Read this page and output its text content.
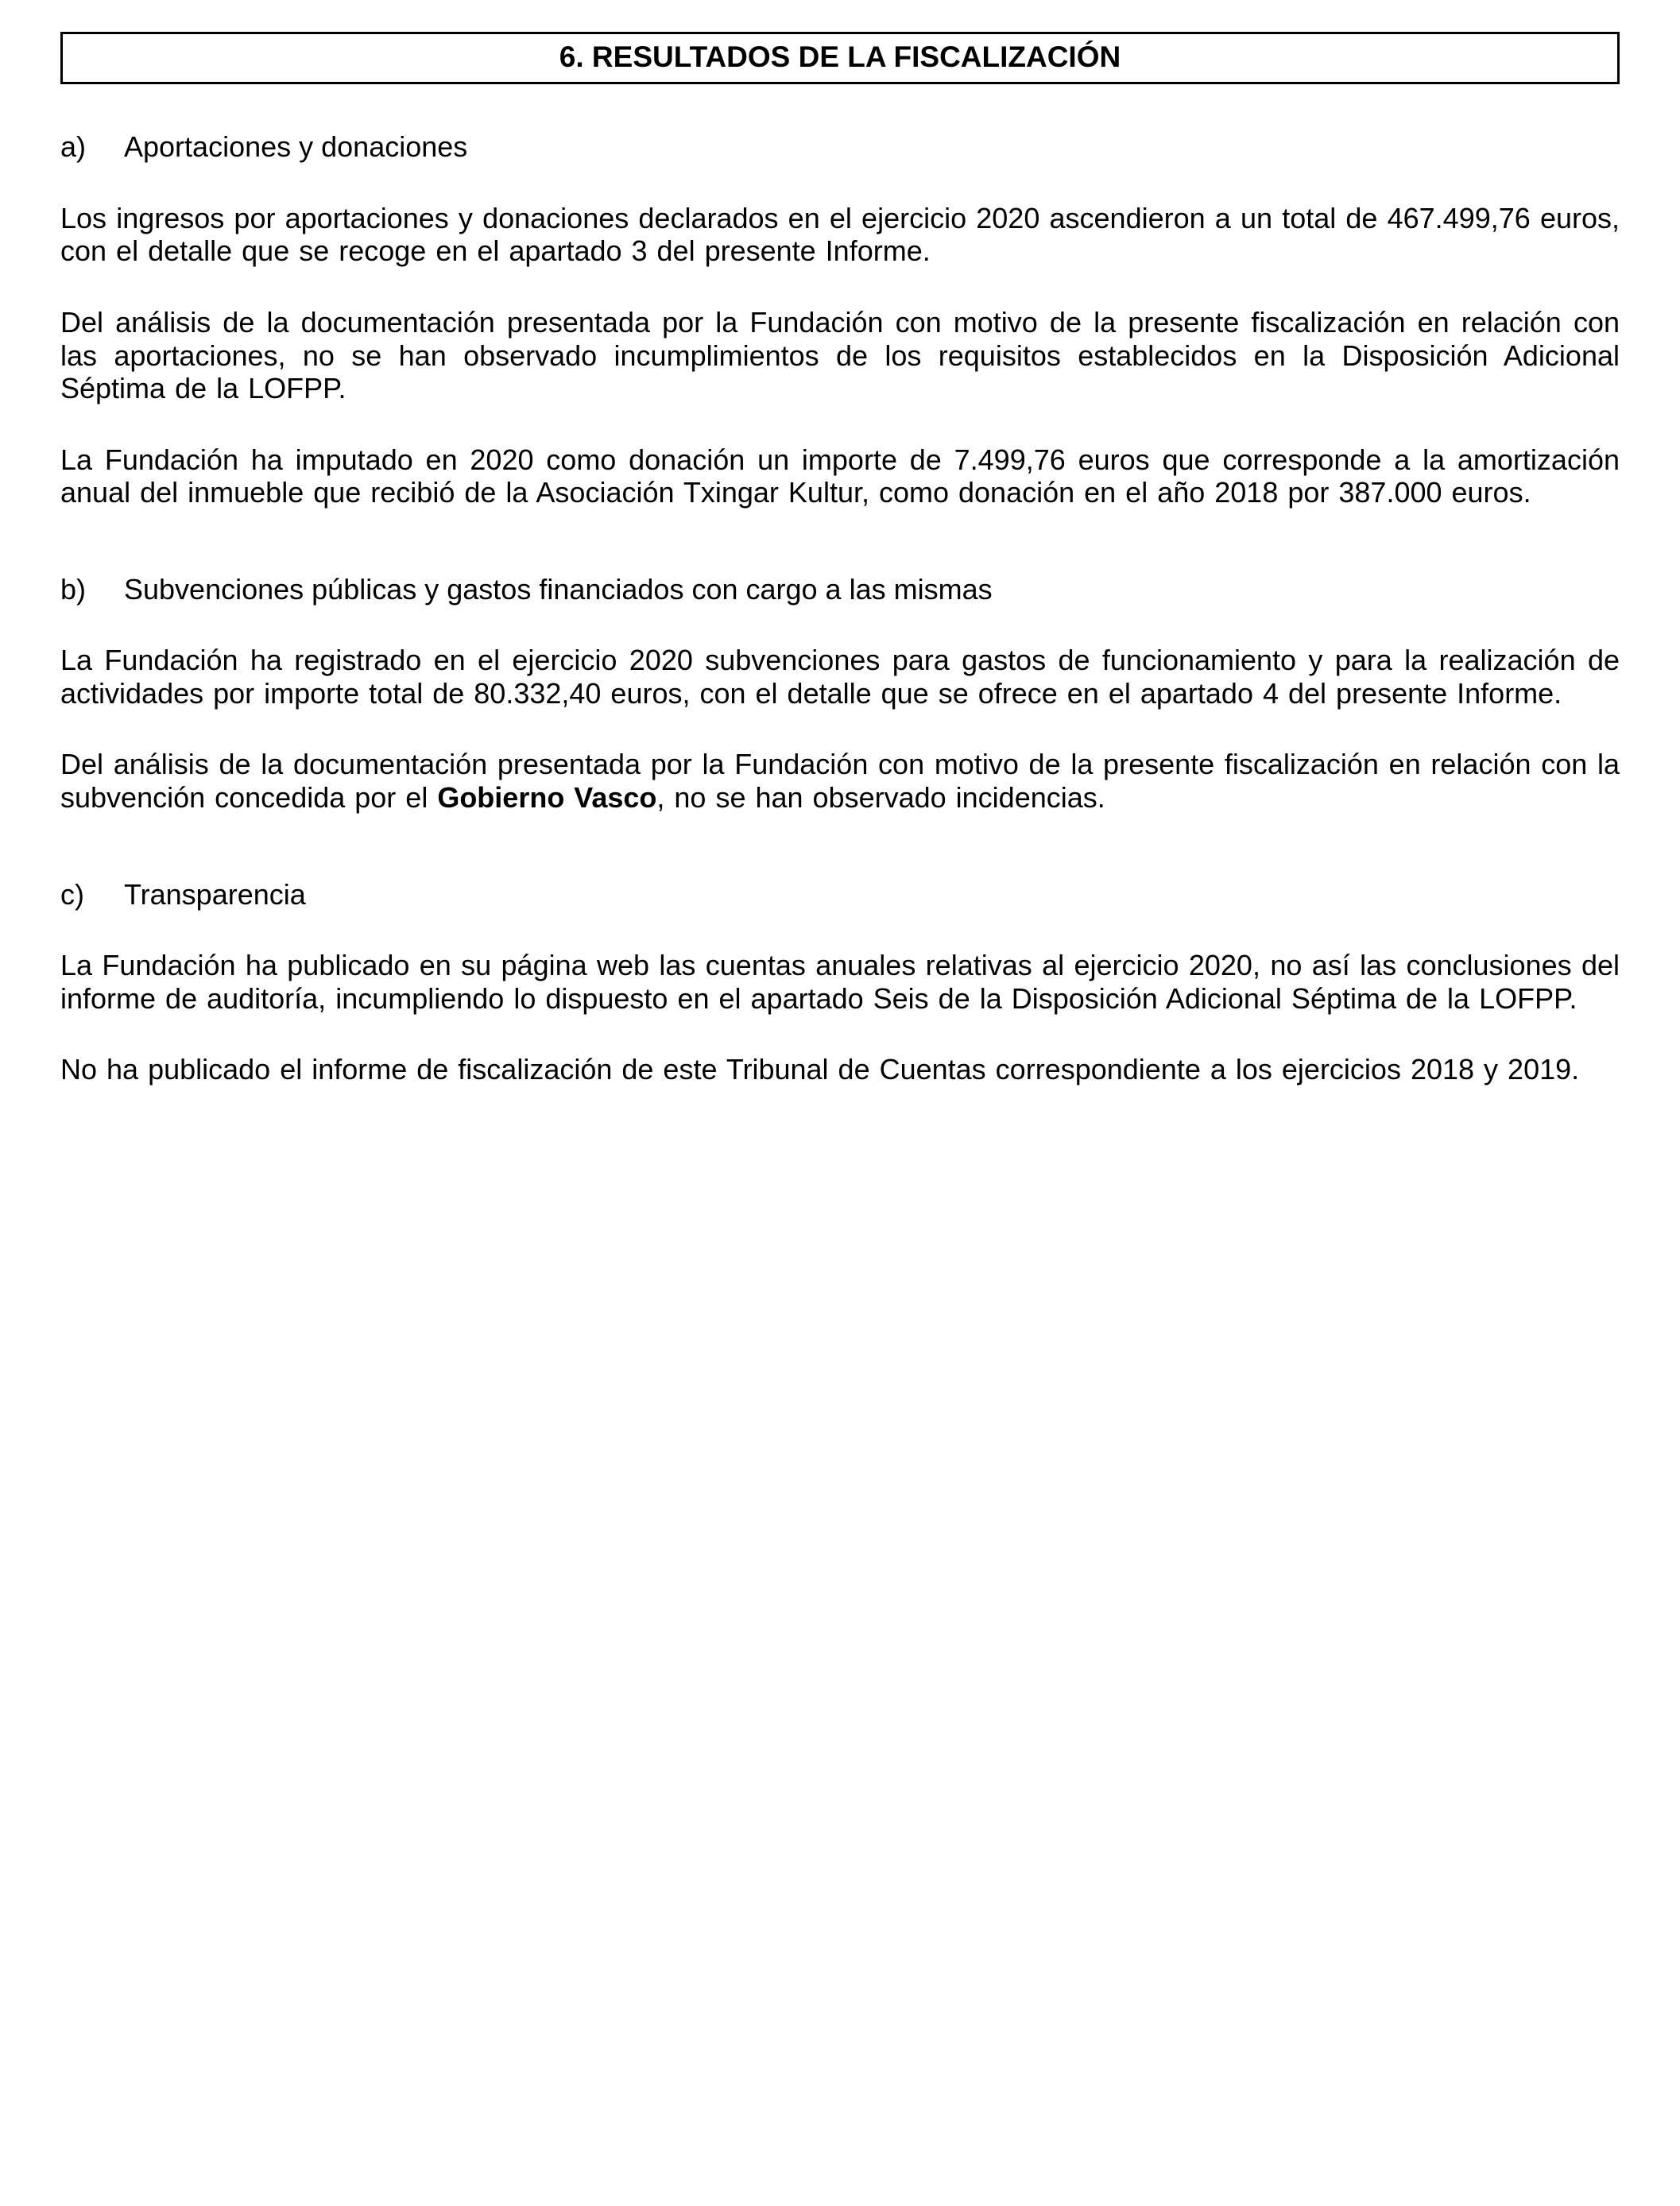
6. RESULTADOS DE LA FISCALIZACIÓN
a) Aportaciones y donaciones

Los ingresos por aportaciones y donaciones declarados en el ejercicio 2020 ascendieron a un total de 467.499,76 euros, con el detalle que se recoge en el apartado 3 del presente Informe.

Del análisis de la documentación presentada por la Fundación con motivo de la presente fiscalización en relación con las aportaciones, no se han observado incumplimientos de los requisitos establecidos en la Disposición Adicional Séptima de la LOFPP.

La Fundación ha imputado en 2020 como donación un importe de 7.499,76 euros que corresponde a la amortización anual del inmueble que recibió de la Asociación Txingar Kultur, como donación en el año 2018 por 387.000 euros.

b) Subvenciones públicas y gastos financiados con cargo a las mismas

La Fundación ha registrado en el ejercicio 2020 subvenciones para gastos de funcionamiento y para la realización de actividades por importe total de 80.332,40 euros, con el detalle que se ofrece en el apartado 4 del presente Informe.

Del análisis de la documentación presentada por la Fundación con motivo de la presente fiscalización en relación con la subvención concedida por el Gobierno Vasco, no se han observado incidencias.

c) Transparencia

La Fundación ha publicado en su página web las cuentas anuales relativas al ejercicio 2020, no así las conclusiones del informe de auditoría, incumpliendo lo dispuesto en el apartado Seis de la Disposición Adicional Séptima de la LOFPP.

No ha publicado el informe de fiscalización de este Tribunal de Cuentas correspondiente a los ejercicios 2018 y 2019.
